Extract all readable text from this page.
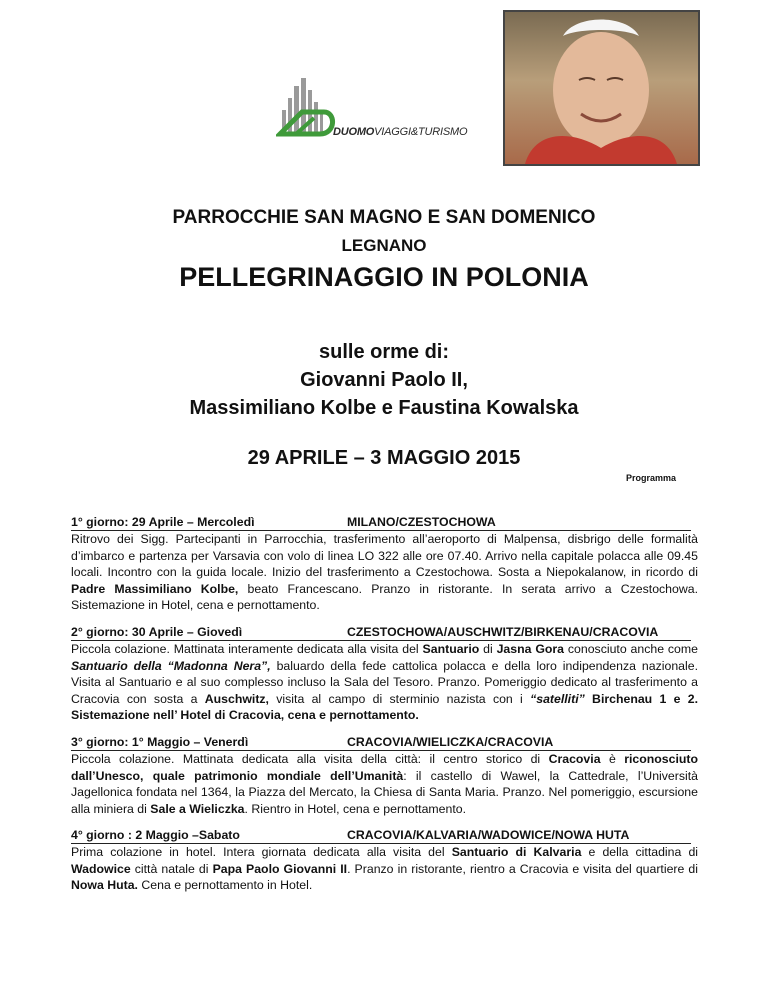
DUOMOVIAGGI&TURISMO
PARROCCHIE SAN MAGNO E SAN DOMENICO
LEGNANO
PELLEGRINAGGIO IN POLONIA
sulle orme di:
Giovanni Paolo II,
Massimiliano Kolbe e Faustina Kowalska
29 APRILE – 3 MAGGIO 2015
Programma
1° giorno: 29 Aprile – Mercoledì	MILANO/CZESTOCHOWA

Ritrovo dei Sigg. Partecipanti in Parrocchia, trasferimento all’aeroporto di Malpensa, disbrigo delle formalità d’imbarco e partenza per Varsavia con volo di linea LO 322 alle ore 07.40. Arrivo nella capitale polacca alle 09.45 locali. Incontro con la guida locale. Inizio del trasferimento a Czestochowa. Sosta a Niepokalanow, in ricordo di Padre Massimiliano Kolbe, beato Francescano. Pranzo in ristorante. In serata arrivo a Czestochowa. Sistemazione in Hotel, cena e pernottamento.

2° giorno: 30 Aprile – Giovedì	CZESTOCHOWA/AUSCHWITZ/BIRKENAU/CRACOVIA

Piccola colazione. Mattinata interamente dedicata alla visita del Santuario di Jasna Gora conosciuto anche come Santuario della “Madonna Nera”, baluardo della fede cattolica polacca e della loro indipendenza nazionale. Visita al Santuario e al suo complesso incluso la Sala del Tesoro. Pranzo. Pomeriggio dedicato al trasferimento a Cracovia con sosta a Auschwitz, visita al campo di sterminio nazista con i “satelliti” Birchenau 1 e 2. Sistemazione nell’ Hotel di Cracovia, cena e pernottamento.

3° giorno: 1° Maggio – Venerdì	CRACOVIA/WIELICZKA/CRACOVIA

Piccola colazione. Mattinata dedicata alla visita della città: il centro storico di Cracovia è riconosciuto dall’Unesco, quale patrimonio mondiale dell’Umanità: il castello di Wawel, la Cattedrale, l’Università Jagellonica fondata nel 1364, la Piazza del Mercato, la Chiesa di Santa Maria. Pranzo. Nel pomeriggio, escursione alla miniera di Sale a Wieliczka. Rientro in Hotel, cena e pernottamento.

4° giorno : 2 Maggio –Sabato	CRACOVIA/KALVARIA/WADOWICE/NOWA HUTA

Prima colazione in hotel. Intera giornata dedicata alla visita del Santuario di Kalvaria e della cittadina di Wadowice città natale di Papa Paolo Giovanni II. Pranzo in ristorante, rientro a Cracovia e visita del quartiere di Nowa Huta. Cena e pernottamento in Hotel.
